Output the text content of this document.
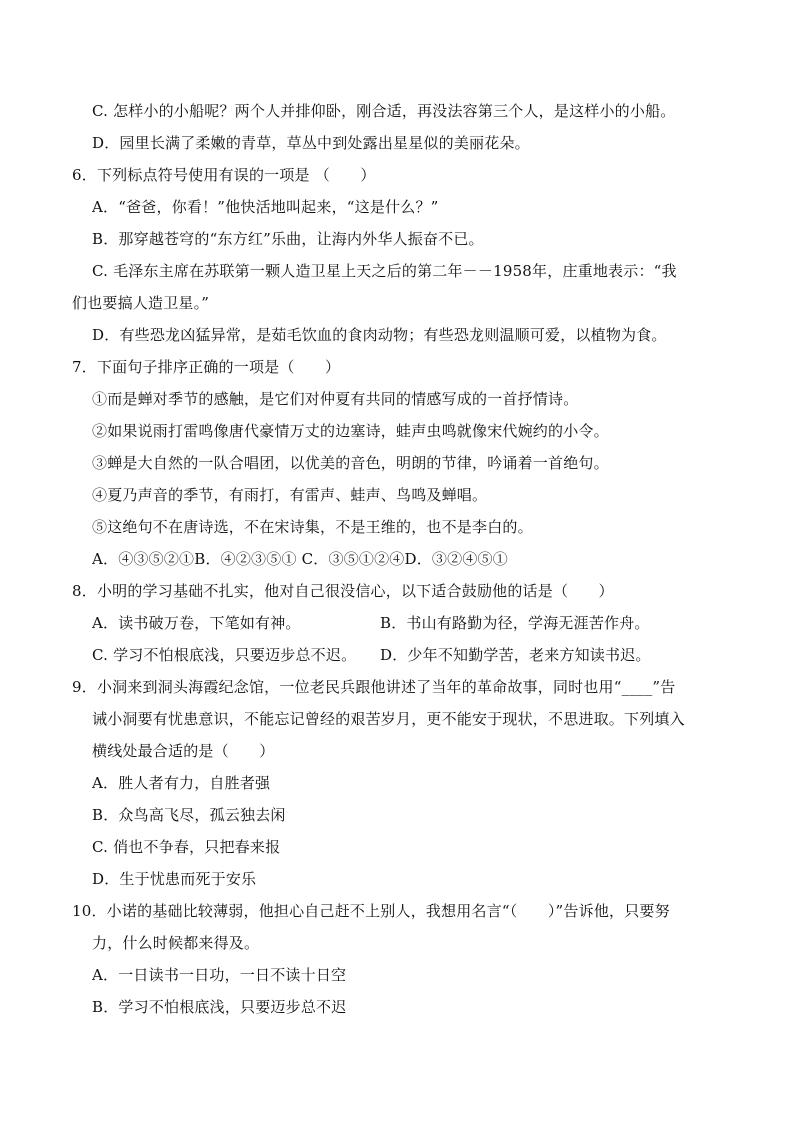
C. 怎样小的小船呢？两个人并排仰卧，刚合适，再没法容第三个人，是这样小的小船。
D．园里长满了柔嫩的青草，草丛中到处露出星星似的美丽花朵。
6．下列标点符号使用有误的一项是 （　　）
A．“爸爸，你看！”他快活地叫起来，“这是什么？”
B．那穿越苍穹的“东方红”乐曲，让海内外华人振奋不已。
C. 毛泽东主席在苏联第一颗人造卫星上天之后的第二年－－1958年，庄重地表示：“我
们也要搞人造卫星。”
D．有些恐龙凶猛异常，是茹毛饮血的食肉动物；有些恐龙则温顺可爱，以植物为食。
7．下面句子排序正确的一项是（　　）
①而是蝉对季节的感触，是它们对仲夏有共同的情感写成的一首抒情诗。
②如果说雨打雷鸣像唐代豪情万丈的边塞诗，蛙声虫鸣就像宋代婉约的小令。
③蝉是大自然的一队合唱团，以优美的音色，明朗的节律，吟诵着一首绝句。
④夏乃声音的季节，有雨打，有雷声、蛙声、鸟鸣及蝉唱。
⑤这绝句不在唐诗选，不在宋诗集，不是王维的，也不是李白的。
A．④③⑤②①B．④②③⑤① C．③⑤①②④D．③②④⑤①
8．小明的学习基础不扎实，他对自己很没信心，以下适合鼓励他的话是（　　）
A．读书破万卷，下笔如有神。	B．书山有路勤为径，学海无涯苦作舟。
C. 学习不怕根底浅，只要迈步总不迟。 D．少年不知勤学苦，老来方知读书迟。
9．小洞来到洞头海霞纪念馆，一位老民兵跟他讲述了当年的革命故事，同时也用“____”告
诫小洞要有忧患意识，不能忘记曾经的艰苦岁月，更不能安于现状，不思进取。下列填入
横线处最合适的是（　　）
A．胜人者有力，自胜者强
B．众鸟高飞尽，孤云独去闲
C. 俏也不争春，只把春来报
D．生于忧患而死于安乐
10．小诺的基础比较薄弱，他担心自己赶不上别人，我想用名言“（　　）”告诉他，只要努
力，什么时候都来得及。
A．一日读书一日功，一日不读十日空
B．学习不怕根底浅，只要迈步总不迟
